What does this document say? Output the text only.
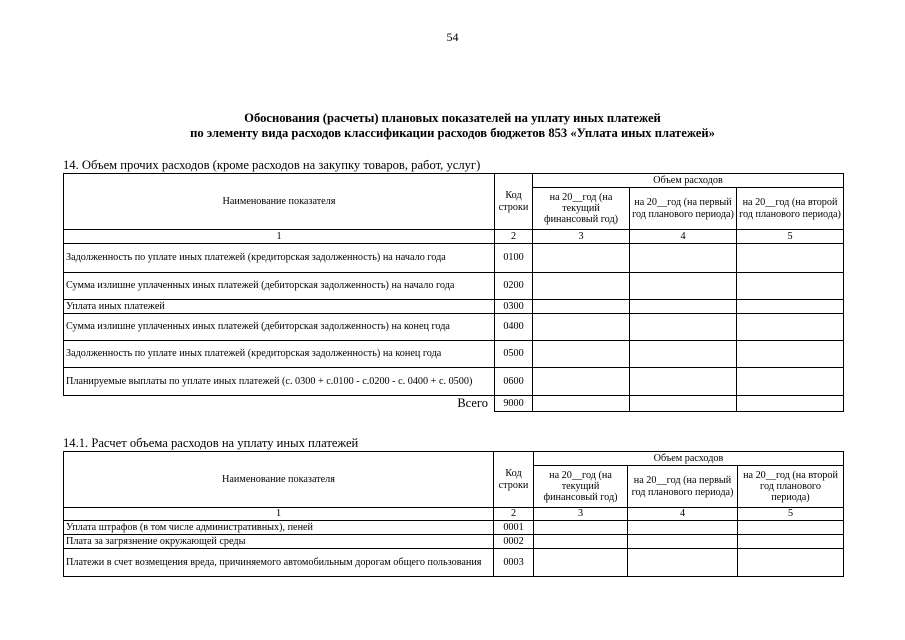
54
Обоснования (расчеты) плановых показателей на уплату иных платежей
по элементу вида расходов классификации расходов бюджетов 853 «Уплата иных платежей»
14. Объем прочих расходов (кроме расходов на закупку товаров, работ, услуг)
Наименование показателя	Код строки	Объем расходов		
		на 20__год (на текущий финансовый год)	на 20__год (на первый год планового периода)	на 20__год (на второй год планового периода)
1	2	3	4	5
Задолженность по уплате иных платежей (кредиторская задолженность) на начало года	0100			
Сумма излишне уплаченных иных платежей (дебиторская задолженность) на начало года	0200			
Уплата иных платежей	0300			
Сумма излишне уплаченных иных платежей (дебиторская задолженность) на конец года	0400			
Задолженность по уплате иных платежей (кредиторская задолженность) на конец года	0500			
Планируемые выплаты по уплате иных платежей (с. 0300 + с.0100 - с.0200 - с. 0400 + с. 0500)	0600			
Всего	9000			
14.1. Расчет объема расходов на уплату иных платежей
Наименование показателя	Код строки	Объем расходов		
		на 20__год (на текущий финансовый год)	на 20__год (на первый год планового периода)	на 20__год (на второй год планового периода)
1	2	3	4	5
Уплата штрафов (в том числе административных), пеней	0001			
Плата за загрязнение окружающей среды	0002			
Платежи в счет возмещения вреда, причиняемого автомобильным дорогам общего пользования	0003			
